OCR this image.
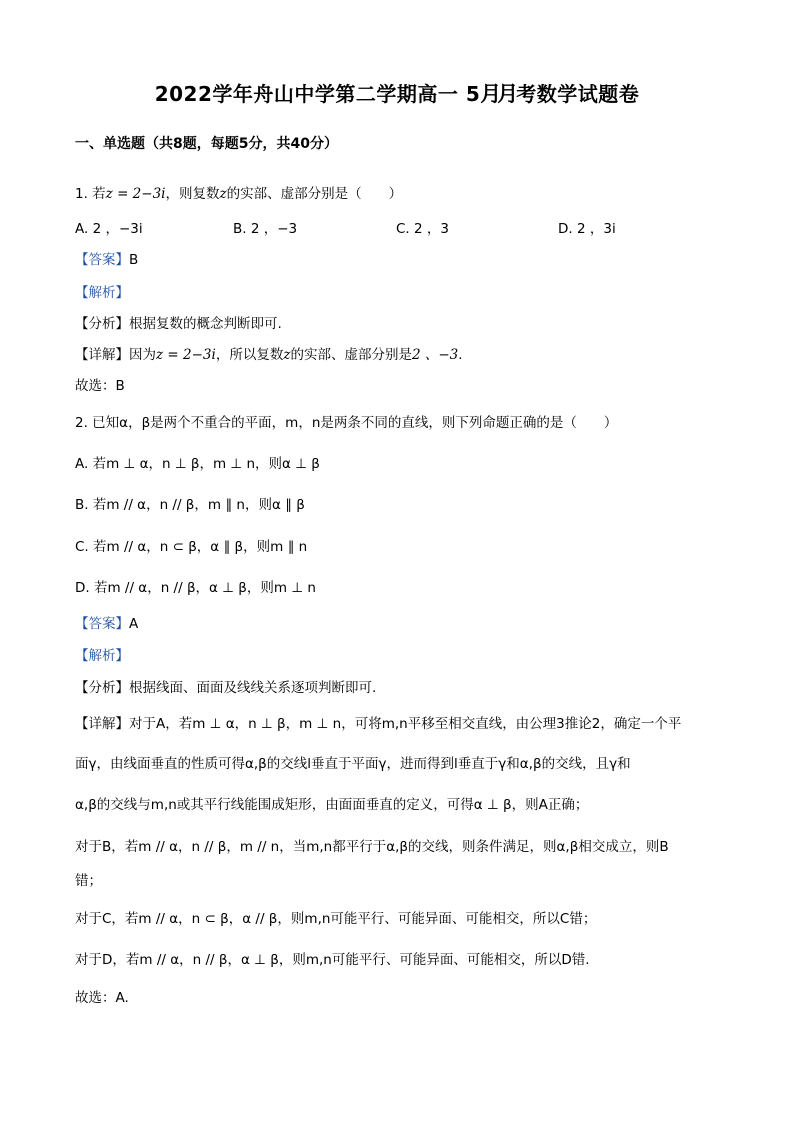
2022学年舟山中学第二学期高一 5月月 考数学试题卷
一、单选题（共8题，每题5分，共40分）
1. 若z = 2−3i，则复数z的实部、虚部分别是（　　）
A. 2 ，−3i	B. 2 ，−3	C. 2 ，3	D. 2 ，3i
【答案】B
【解析】
【分析】根据复数的概念判断即可.
【详解】因为z = 2−3i，所以复数z的实部、虚部分别是2 、−3.
故选：B
2. 已知α，β是两个不重合的平面，m，n是两条不同的直线，则下列命题正确的是（　　）
A. 若m ⊥ α，n ⊥ β，m ⊥ n，则α ⊥ β
B. 若m // α，n // β，m ∥ n，则α ∥ β
C. 若m // α，n ⊂ β，α ∥ β，则m ∥ n
D. 若m // α，n // β，α ⊥ β，则m ⊥ n
【答案】A
【解析】
【分析】根据线面、面面及线线关系逐项判断即可.
【详解】对于A，若m ⊥ α，n ⊥ β，m ⊥ n，可将m,n平移至相交直线，由公理3推论2，确定一个平
面γ，由线面垂直的性质可得α,β的交线l垂直于平面γ，进而得到l垂直于γ和α,β的交线，且γ和
α,β的交线与m,n或其平行线能围成矩形，由面面垂直的定义，可得α ⊥ β，则A正确；
对于B，若m // α，n // β，m // n，当m,n都平行于α,β的交线，则条件满足，则α,β相交成立，则B
错；
对于C，若m // α，n ⊂ β，α // β，则m,n可能平行、可能异面、可能相交，所以C错；
对于D，若m // α，n // β，α ⊥ β，则m,n可能平行、可能异面、可能相交，所以D错.
故选：A.
